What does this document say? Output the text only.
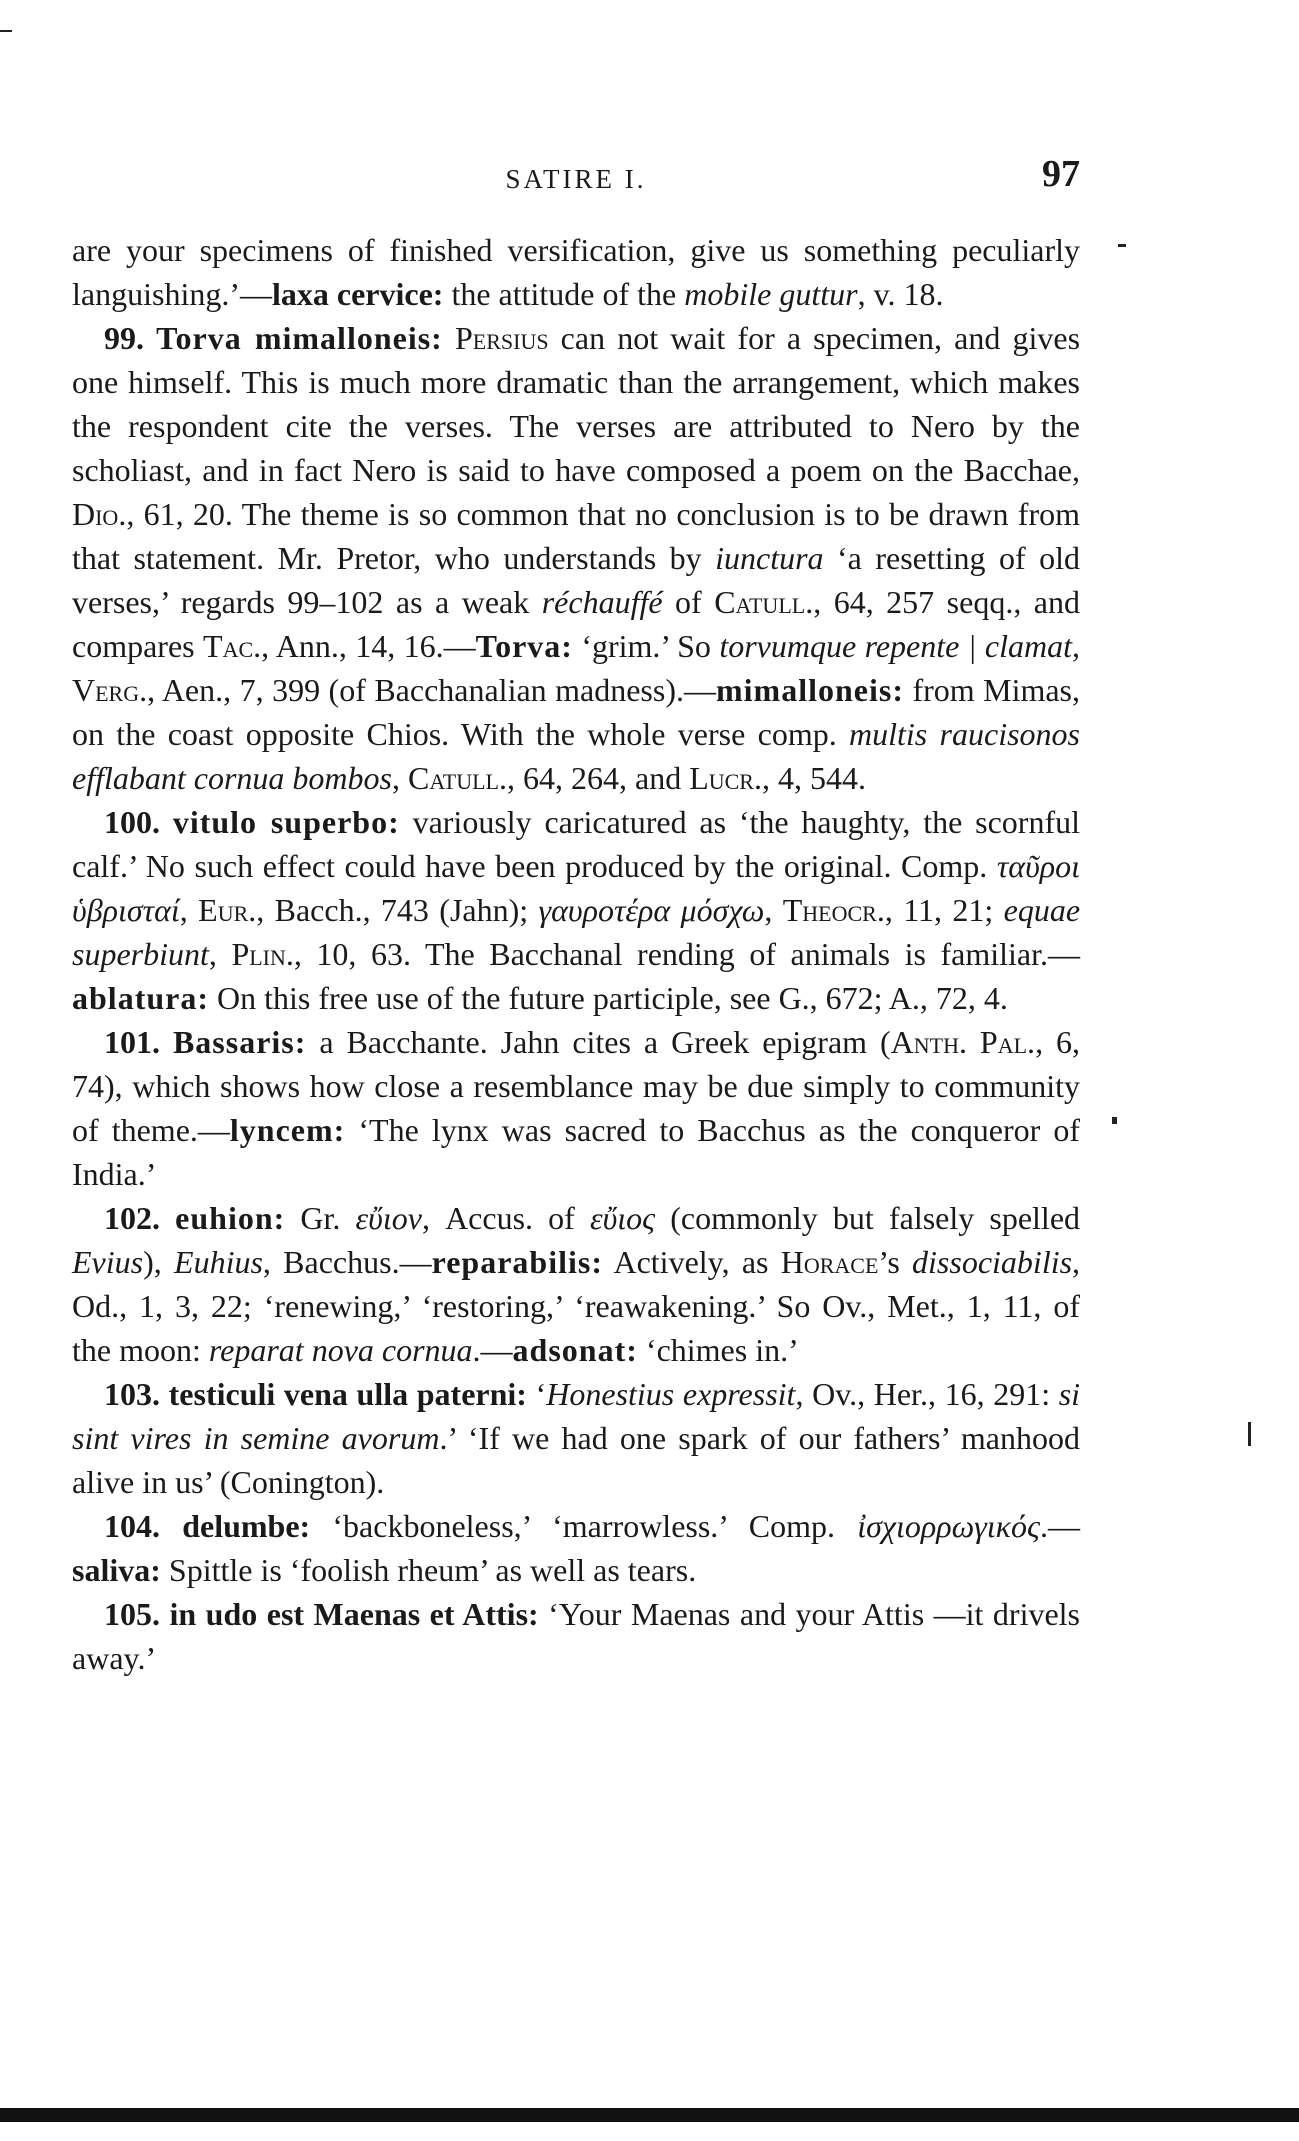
SATIRE I.	97

are your specimens of finished versification, give us something peculiarly languishing.’—laxa cervice: the attitude of the mobile guttur, v. 18.

99. Torva mimalloneis: Persius can not wait for a specimen, and gives one himself. This is much more dramatic than the arrangement, which makes the respondent cite the verses. The verses are attributed to Nero by the scholiast, and in fact Nero is said to have composed a poem on the Bacchae, Dio., 61, 20. The theme is so common that no conclusion is to be drawn from that statement. Mr. Pretor, who understands by iunctura ‘a resetting of old verses,’ regards 99–102 as a weak réchauffé of Catull., 64, 257 seqq., and compares Tac., Ann., 14, 16.—Torva: ‘grim.’ So torvumque repente | clamat, Verg., Aen., 7, 399 (of Bacchanalian madness).—mimalloneis: from Mimas, on the coast opposite Chios. With the whole verse comp. multis raucisonos efflabant cornua bombos, Catull., 64, 264, and Lucr., 4, 544.

100. vitulo superbo: variously caricatured as ‘the haughty, the scornful calf.’ No such effect could have been produced by the original. Comp. ταῦροι ὑβρισταί, Eur., Bacch., 743 (Jahn); γαυροτέρα μόσχω, Theocr., 11, 21; equae superbiunt, Plin., 10, 63. The Bacchanal rending of animals is familiar.—ablatura: On this free use of the future participle, see G., 672; A., 72, 4.

101. Bassaris: a Bacchante. Jahn cites a Greek epigram (Anth. Pal., 6, 74), which shows how close a resemblance may be due simply to community of theme.—lyncem: ‘The lynx was sacred to Bacchus as the conqueror of India.’

102. euhion: Gr. εὔιον, Accus. of εὔιος (commonly but falsely spelled Evius), Euhius, Bacchus.—reparabilis: Actively, as Horace’s dissociabilis, Od., 1, 3, 22; ‘renewing,’ ‘restoring,’ ‘reawakening.’ So Ov., Met., 1, 11, of the moon: reparat nova cornua.—adsonat: ‘chimes in.’

103. testiculi vena ulla paterni: ‘Honestius expressit, Ov., Her., 16, 291: si sint vires in semine avorum.’ ‘If we had one spark of our fathers’ manhood alive in us’ (Conington).

104. delumbe: ‘backboneless,’ ‘marrowless.’ Comp. ἰσχιορρωγικός.—saliva: Spittle is ‘foolish rheum’ as well as tears.

105. in udo est Maenas et Attis: ‘Your Maenas and your Attis —it drivels away.’
